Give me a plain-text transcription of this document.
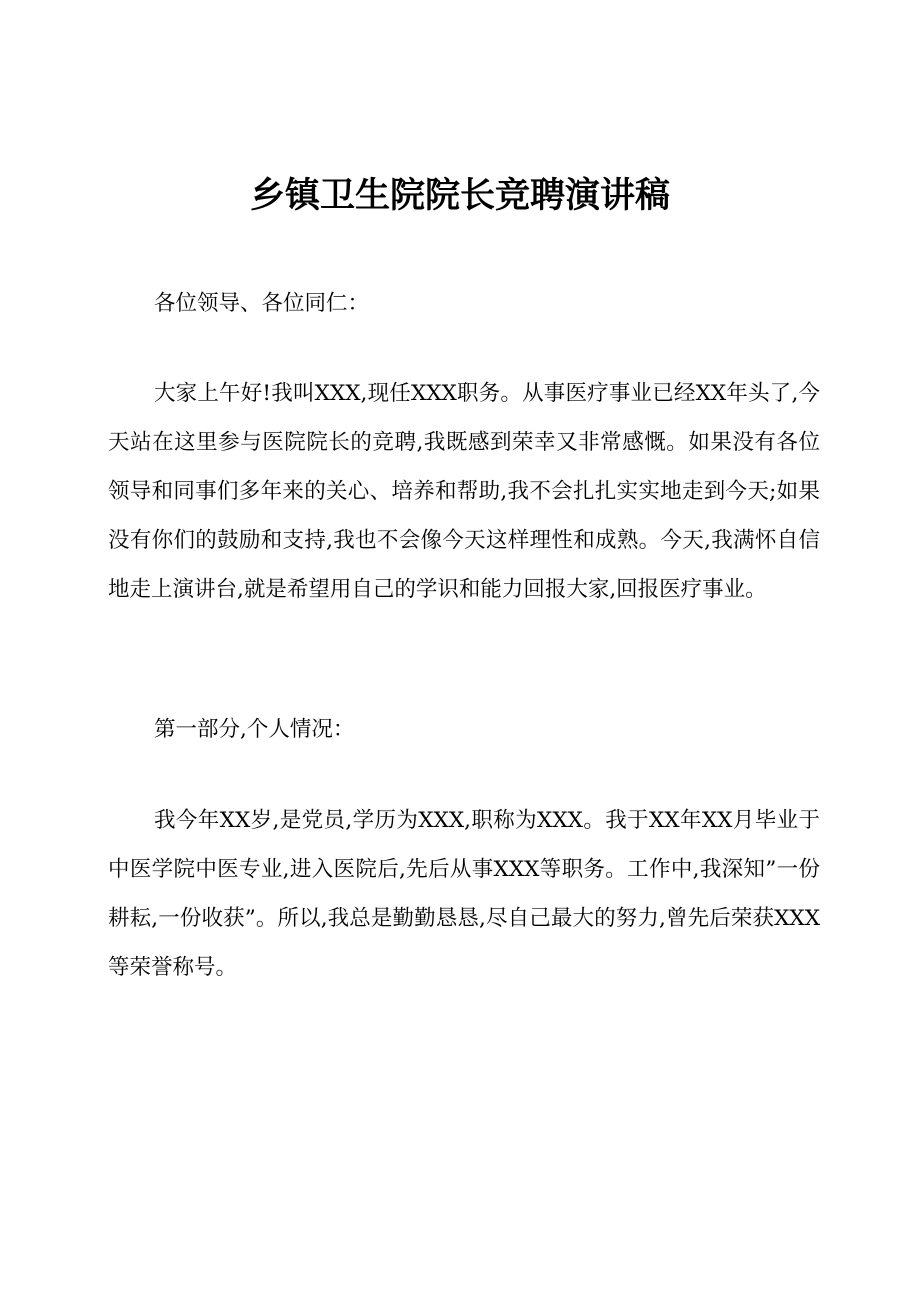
乡镇卫生院院长竞聘演讲稿

各位领导、各位同仁：

大家上午好!我叫XXX,现任XXX职务。从事医疗事业已经XX年头了,今天站在这里参与医院院长的竞聘,我既感到荣幸又非常感慨。如果没有各位领导和同事们多年来的关心、培养和帮助,我不会扎扎实实地走到今天;如果没有你们的鼓励和支持,我也不会像今天这样理性和成熟。今天,我满怀自信地走上演讲台,就是希望用自己的学识和能力回报大家,回报医疗事业。

第一部分,个人情况：

我今年XX岁,是党员,学历为XXX,职称为XXX。我于XX年XX月毕业于中医学院中医专业,进入医院后,先后从事XXX等职务。工作中,我深知”一份耕耘,一份收获”。所以,我总是勤勤恳恳,尽自己最大的努力,曾先后荣获XXX等荣誉称号。
